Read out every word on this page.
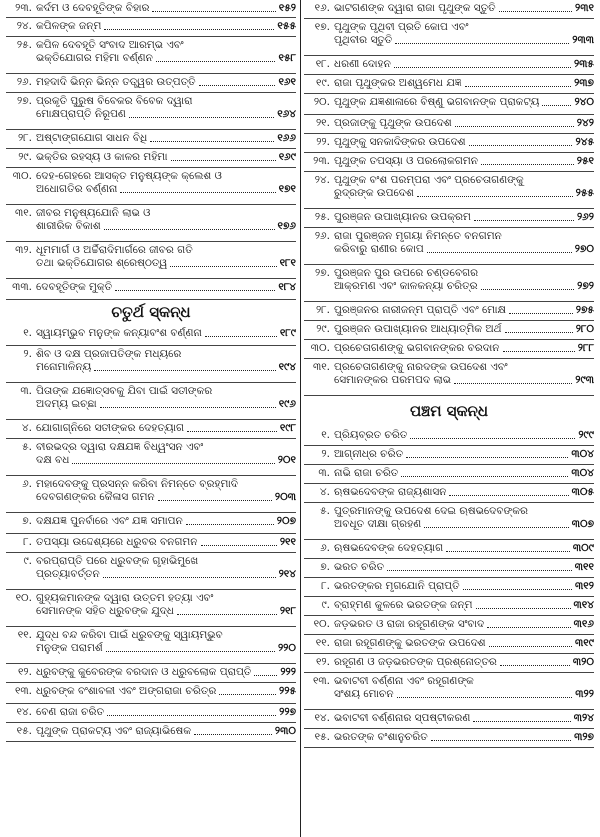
୨୩. କର୍ଦମ ଓ ଦେବହୂତିଙ୍କ ବିହାର	୧୫୨
୨୪. କପିଳଙ୍କ ଜନ୍ମ	୧୫୫
୨୫. କପିଳ ଦେବହୂତି ସଂବାଦ ଆରମ୍ଭ ଏବଂ
ଭକ୍ତିଯୋଗର ମହିମା ବର୍ଣ୍ଣନ	୧୫୮
୨୬. ମହଦାଦି ଭିନ୍ନ ଭିନ୍ନ ତତ୍ତ୍ୱର ଉତ୍ପତ୍ତି	୧୬୧
୨୭. ପ୍ରକୃତି ପୁରୁଷ ବିବେକର ବିବେକ ଦ୍ୱାରା
ମୋକ୍ଷପ୍ରାପ୍ତି ନିରୂପଣ	୧୬୪
୨୮. ଅଷ୍ଟାଙ୍ଗଯୋଗ ସାଧନ ବିଧି	୧୬୬
୨୯. ଭକ୍ତିର ରହସ୍ୟ ଓ କାଳର ମହିମା	୧୬୯
୩୦. ଦେହ-ଗେହରେ ଆସକ୍ତ ମନୁଷ୍ୟଙ୍କ କ୍ଲେଶ ଓ
ଅଧୋଗତିର ବର୍ଣ୍ଣନା	୧୭୧
୩୧. ଜୀବର ମନୁଷ୍ୟଯୋନି ଲାଭ ଓ
ଶାରୀରିକ ବିକାଶ	୧୭୬
୩୨. ଧୂମମାର୍ଗ ଓ ଅର୍ଚ୍ଚିରାଦିମାର୍ଗରେ ଜୀବର ଗତି
ତଥା ଭକ୍ତିଯୋଗର ଶ୍ରେଷ୍ଠତ୍ୱ	୧୮୧
୩୩. ଦେବହୂତିଙ୍କ ମୁକ୍ତି	୧୮୪
ଚତୁର୍ଥ ସ୍କନ୍ଧ
୧. ସ୍ୱାୟମ୍ଭୁବ ମନୁଙ୍କ କନ୍ୟାବଂଶ ବର୍ଣ୍ଣନା	୧୮୯
୨. ଶିବ ଓ ଦକ୍ଷ ପ୍ରଜାପତିଙ୍କ ମଧ୍ୟରେ
ମନୋମାଳିନ୍ୟ	୧୯୪
୩. ପିତାଙ୍କ ଯଜ୍ଞୋତ୍ସବକୁ ଯିବା ପାଇଁ ସତୀଙ୍କର
ଅଦମ୍ୟ ଇଚ୍ଛା	୧୯୬
୪. ଯୋଗାଗ୍ନିରେ ସତୀଙ୍କର ଦେହତ୍ୟାଗ	୧୯୮
୫. ବୀରଭଦ୍ର ଦ୍ୱାରା ଦକ୍ଷଯଜ୍ଞ ବିଧ୍ୱଂସନ ଏବଂ
ଦକ୍ଷ ବଧ	୨୦୧
୬. ମହାଦେବଙ୍କୁ ପ୍ରସନ୍ନ କରିବା ନିମନ୍ତେ ବ୍ରହ୍ମାଦି
ଦେବଗଣଙ୍କର କୈଳାସ ଗମନ	୨୦୩
୭. ଦକ୍ଷଯଜ୍ଞ ପୁନର୍ବାରେ ଏବଂ ଯଜ୍ଞ ସମାପନ	୨୦୭
୮. ତପସ୍ୟା ଉଦ୍ଦେଶ୍ୟରେ ଧ୍ରୁବର ବନଗମନ	୨୧୧
୯. ବରପ୍ରାପ୍ତି ପରେ ଧ୍ରୁବଙ୍କ ଗୃହାଭିମୁଖେ
ପ୍ରତ୍ୟାବର୍ତ୍ତନ	୨୧୪
୧୦. ଗୁହ୍ୟକମାନଙ୍କ ଦ୍ୱାରା ଉତ୍ତମ ହତ୍ୟା ଏବଂ
ସେମାନଙ୍କ ସହିତ ଧ୍ରୁବଙ୍କ ଯୁଦ୍ଧ	୨୧୮
୧୧. ଯୁଦ୍ଧ ବନ୍ଦ କରିବା ପାଇଁ ଧ୍ରୁବଙ୍କୁ ସ୍ୱାୟମ୍ଭୁବ
ମନୁଙ୍କ ପରାମର୍ଶ	୨୨୦
୧୨. ଧ୍ରୁବଙ୍କୁ କୁବେରଙ୍କ ବରଦାନ ଓ ଧ୍ରୁବଲୋକ ପ୍ରାପ୍ତି	୨୨୨
୧୩. ଧ୍ରୁବଙ୍କ ବଂଶାବଳୀ ଏବଂ ଅଙ୍ଗରାଜା ଚରିତ୍ର	୨୨୫
୧୪. ବେଣ ରାଜା ଚରିତ	୨୨୭
୧୫. ପୃଥୁଙ୍କ ପ୍ରାକଟ୍ୟ ଏବଂ ରାଜ୍ୟାଭିଷେକ	୨୩୦
୧୬. ଭାଟଗଣଙ୍କ ଦ୍ୱାରା ରାଜା ପୃଥୁଙ୍କ ସ୍ତୁତି	୨୩୧
୧୭. ପୃଥୁଙ୍କ ପୃଥିବୀ ପ୍ରତି କୋପ ଏବଂ
ପୃଥିବୀର ସ୍ତୁତି	୨୩୩
୧୮. ଧରଣୀ ଦୋହନ	୨୩୫
୧୯. ରାଜା ପୃଥୁଙ୍କର ଅଶ୍ୱମେଧ ଯଜ୍ଞ	୨୩୭
୨୦. ପୃଥୁଙ୍କ ଯଜ୍ଞଶାଳାରେ ବିଷ୍ଣୁ ଭଗବାନଙ୍କ ପ୍ରାକଟ୍ୟ	୨୪୦
୨୧. ପ୍ରଜାଙ୍କୁ ପୃଥୁଙ୍କ ଉପଦେଶ	୨୪୨
୨୨. ପୃଥୁଙ୍କୁ ସନକାଦିଙ୍କର ଉପଦେଶ	୨୪୫
୨୩. ପୃଥୁଙ୍କ ତପସ୍ୟା ଓ ପରଲୋକଗମନ	୨୫୧
୨୪. ପୃଥୁଙ୍କ ବଂଶ ପରମ୍ପରା ଏବଂ ପ୍ରଚେତାଗଣଙ୍କୁ
ରୁଦ୍ରଙ୍କ ଉପଦେଶ	୨୫୫
୨୫. ପୁରଞ୍ଜନ ଉପାଖ୍ୟାନର ଉପକ୍ରମ	୨୬୨
୨୬. ରାଜା ପୁରଞ୍ଜନ ମୃଗୟା ନିମନ୍ତେ ବନଗମନ
କରିବାରୁ ରାଣୀର କୋପ	୨୭୦
୨୭. ପୁରଞ୍ଜନ ପୁର ଉପରେ ଚଣ୍ଡବେଗର
ଆକ୍ରମଣ ଏବଂ କାଳକନ୍ୟା ଚରିତ୍ର	୨୭୨
୨୮. ପୁରଞ୍ଜନର ନାରୀଜନ୍ମ ପ୍ରାପ୍ତି ଏବଂ ମୋକ୍ଷ	୨୭୫
୨୯. ପୁରଞ୍ଜନ ଉପାଖ୍ୟାନର ଆଧ୍ୟାତ୍ମିକ ଅର୍ଥ	୨୮୦
୩୦. ପ୍ରଚେତାଗଣଙ୍କୁ ଭଗବାନଙ୍କର ବରଦାନ	୨୮୮
୩୧. ପ୍ରଚେତାଗଣଙ୍କୁ ନାରଦଙ୍କ ଉପଦେଶ ଏବଂ
ସେମାନଙ୍କର ପରମପଦ ଲାଭ	୨୯୩
ପଞ୍ଚମ ସ୍କନ୍ଧ
୧. ପ୍ରିୟବ୍ରତ ଚରିତ	୨୯୯
୨. ଆଗ୍ନୀଧ୍ର ଚରିତ	୩୦୪
୩. ନାଭି ରାଜା ଚରିତ	୩୦୪
୪. ଋଷଭଦେବଙ୍କ ରାଜ୍ୟଶାସନ	୩୦୫
୫. ପୁତ୍ରମାନଙ୍କୁ ଉପଦେଶ ଦେଇ ଋଷଭଦେବଙ୍କର
ଅବଧୂତ ଦୀକ୍ଷା ଗ୍ରହଣ	୩୦୭
୬. ଋଷଭଦେବଙ୍କ ଦେହତ୍ୟାଗ	୩୦୯
୭. ଭରତ ଚରିତ	୩୧୧
୮. ଭରତଙ୍କର ମୃଗଯୋନି ପ୍ରାପ୍ତି	୩୧୨
୯. ବ୍ରାହ୍ମଣ କୁଳରେ ଭରତଙ୍କ ଜନ୍ମ	୩୧୪
୧୦. ଜଡ଼ଭରତ ଓ ରାଜା ରହୂଗଣଙ୍କ ସଂବାଦ	୩୧୬
୧୧. ରାଜା ରହୂଗଣଙ୍କୁ ଭରତଙ୍କ ଉପଦେଶ	୩୧୯
୧୨. ରହୂଗଣ ଓ ଜଡ଼ଭରତଙ୍କ ପ୍ରଶ୍ନୋତ୍ତର	୩୨୦
୧୩. ଭବାଟବୀ ବର୍ଣ୍ଣନା ଏବଂ ରହୂଗଣଙ୍କ
ସଂଶୟ ମୋଚନ	୩୨୨
୧୪. ଭବାଟବୀ ବର୍ଣ୍ଣନାର ସ୍ପଷ୍ଟୀକରଣ	୩୨୪
୧୫. ଭରତଙ୍କ ବଂଶାନୁଚରିତ	୩୨୭
